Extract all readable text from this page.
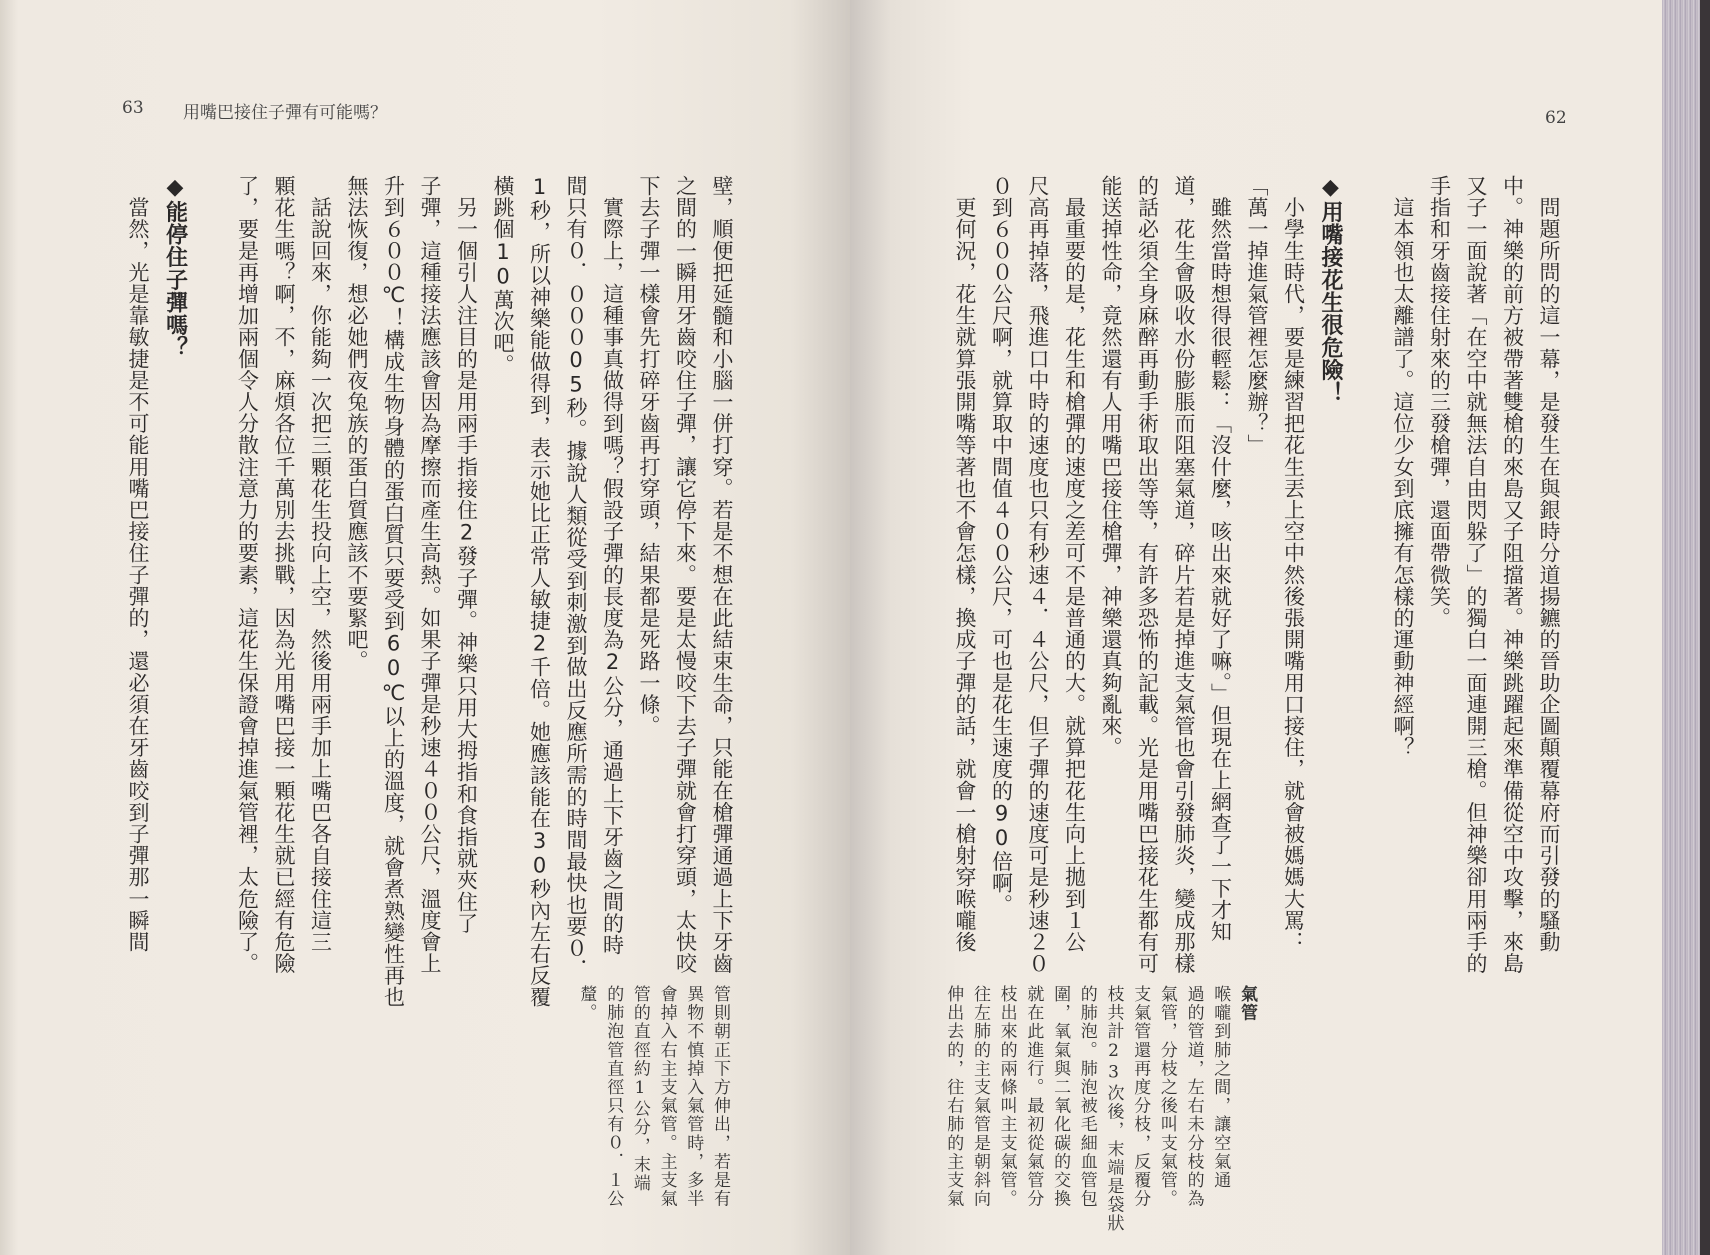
63 用嘴巴接住子彈有可能嗎？	62
壁，順便把延髓和小腦一併打穿。若是不想在此結束生命，只能在槍彈通過上下牙齒
之間的一瞬用牙齒咬住子彈，讓它停下來。要是太慢咬下去子彈就會打穿頭，太快咬
下去子彈一樣會先打碎牙齒再打穿頭，結果都是死路一條。
　實際上，這種事真做得到嗎？假設子彈的長度為2公分，通過上下牙齒之間的時
間只有０．０００05秒。據說人類從受到刺激到做出反應所需的時間最快也要０．
1秒，所以神樂能做得到，表示她比正常人敏捷2千倍。她應該能在30秒內左右反覆
橫跳個10萬次吧。
　另一個引人注目的是用兩手指接住2發子彈。神樂只用大拇指和食指就夾住了
子彈，這種接法應該會因為摩擦而產生高熱。如果子彈是秒速４００公尺，溫度會上
升到６００℃！構成生物身體的蛋白質只要受到60℃以上的溫度，就會煮熟變性再也
無法恢復，想必她們夜兔族的蛋白質應該不要緊吧。
　話說回來，你能夠一次把三顆花生投向上空，然後用兩手加上嘴巴各自接住這三
顆花生嗎？啊，不，麻煩各位千萬別去挑戰，因為光用嘴巴接一顆花生就已經有危險
了，要是再增加兩個令人分散注意力的要素，這花生保證會掉進氣管裡，太危險了。
◆能停住子彈嗎？
　當然，光是靠敏捷是不可能用嘴巴接住子彈的，還必須在牙齒咬到子彈那一瞬間
管則朝正下方伸出，若是有
異物不慎掉入氣管時，多半
會掉入右主支氣管。主支氣
管的直徑約1公分，末端
的肺泡管直徑只有０．１公
釐。
　問題所問的這一幕，是發生在與銀時分道揚鑣的晉助企圖顛覆幕府而引發的騷動
中。神樂的前方被帶著雙槍的來島又子阻擋著。神樂跳躍起來準備從空中攻擊，來島
又子一面說著「在空中就無法自由閃躲了」的獨白一面連開三槍。但神樂卻用兩手的
手指和牙齒接住射來的三發槍彈，還面帶微笑。
　這本領也太離譜了。這位少女到底擁有怎樣的運動神經啊？
◆用嘴接花生很危險！
　小學生時代，要是練習把花生丟上空中然後張開嘴用口接住，就會被媽媽大罵：
「萬一掉進氣管裡怎麼辦？」
　雖然當時想得很輕鬆：「沒什麼，咳出來就好了嘛。」但現在上網查了一下才知
道，花生會吸收水份膨脹而阻塞氣道，碎片若是掉進支氣管也會引發肺炎，變成那樣
的話必須全身麻醉再動手術取出等等，有許多恐怖的記載。光是用嘴巴接花生都有可
能送掉性命，竟然還有人用嘴巴接住槍彈，神樂還真夠亂來。
　最重要的是，花生和槍彈的速度之差可不是普通的大。就算把花生向上拋到１公
尺高再掉落，飛進口中時的速度也只有秒速４．４公尺，但子彈的速度可是秒速２０
０到６００公尺啊，就算取中間值４００公尺，可也是花生速度的90倍啊。
　更何況，花生就算張開嘴等著也不會怎樣，換成子彈的話，就會一槍射穿喉嚨後
氣管
喉嚨到肺之間，讓空氣通
過的管道，左右未分枝的為
氣管，分枝之後叫支氣管。
支氣管還再度分枝，反覆分
枝共計23次後，末端是袋狀
的肺泡。肺泡被毛細血管包
圍，氧氣與二氧化碳的交換
就在此進行。最初從氣管分
枝出來的兩條叫主支氣管。
往左肺的主支氣管是朝斜向
伸出去的，往右肺的主支氣
